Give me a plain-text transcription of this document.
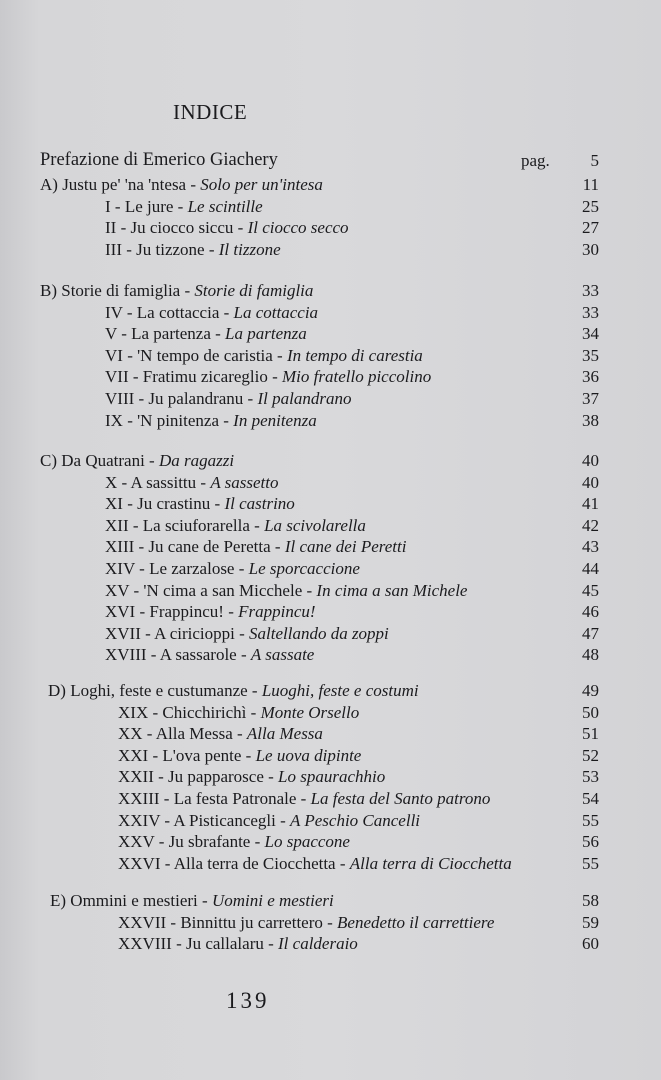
INDICE
Prefazione di Emerico Giachery	pag. 5
A) Justu pe' 'na 'ntesa - Solo per un'intesa	11
I - Le jure - Le scintille	25
II - Ju ciocco siccu - Il ciocco secco	27
III - Ju tizzone - Il tizzone	30
B) Storie di famiglia - Storie di famiglia	33
IV - La cottaccia - La cottaccia	33
V - La partenza - La partenza	34
VI - 'N tempo de caristia - In tempo di carestia	35
VII - Fratimu zicareglio - Mio fratello piccolino	36
VIII - Ju palandranu - Il palandrano	37
IX - 'N pinitenza - In penitenza	38
C) Da Quatrani - Da ragazzi	40
X - A sassittu - A sassetto	40
XI - Ju crastinu - Il castrino	41
XII - La sciuforarella - La scivolarella	42
XIII - Ju cane de Peretta - Il cane dei Peretti	43
XIV - Le zarzalose - Le sporcaccione	44
XV - 'N cima a san Micchele - In cima a san Michele	45
XVI - Frappincu! - Frappincu!	46
XVII - A ciricioppi - Saltellando da zoppi	47
XVIII - A sassarole - A sassate	48
D) Loghi, feste e custumanze - Luoghi, feste e costumi	49
XIX - Chicchirichì - Monte Orsello	50
XX - Alla Messa - Alla Messa	51
XXI - L'ova pente - Le uova dipinte	52
XXII - Ju papparosce - Lo spaurachhio	53
XXIII - La festa Patronale - La festa del Santo patrono	54
XXIV - A Pisticancegli - A Peschio Cancelli	55
XXV - Ju sbrafante - Lo spaccone	56
XXVI - Alla terra de Ciocchetta - Alla terra di Ciocchetta	55
E) Ommini e mestieri - Uomini e mestieri	58
XXVII - Binnittu ju carrettero - Benedetto il carrettiere	59
XXVIII - Ju callalaru - Il calderaio	60
139
